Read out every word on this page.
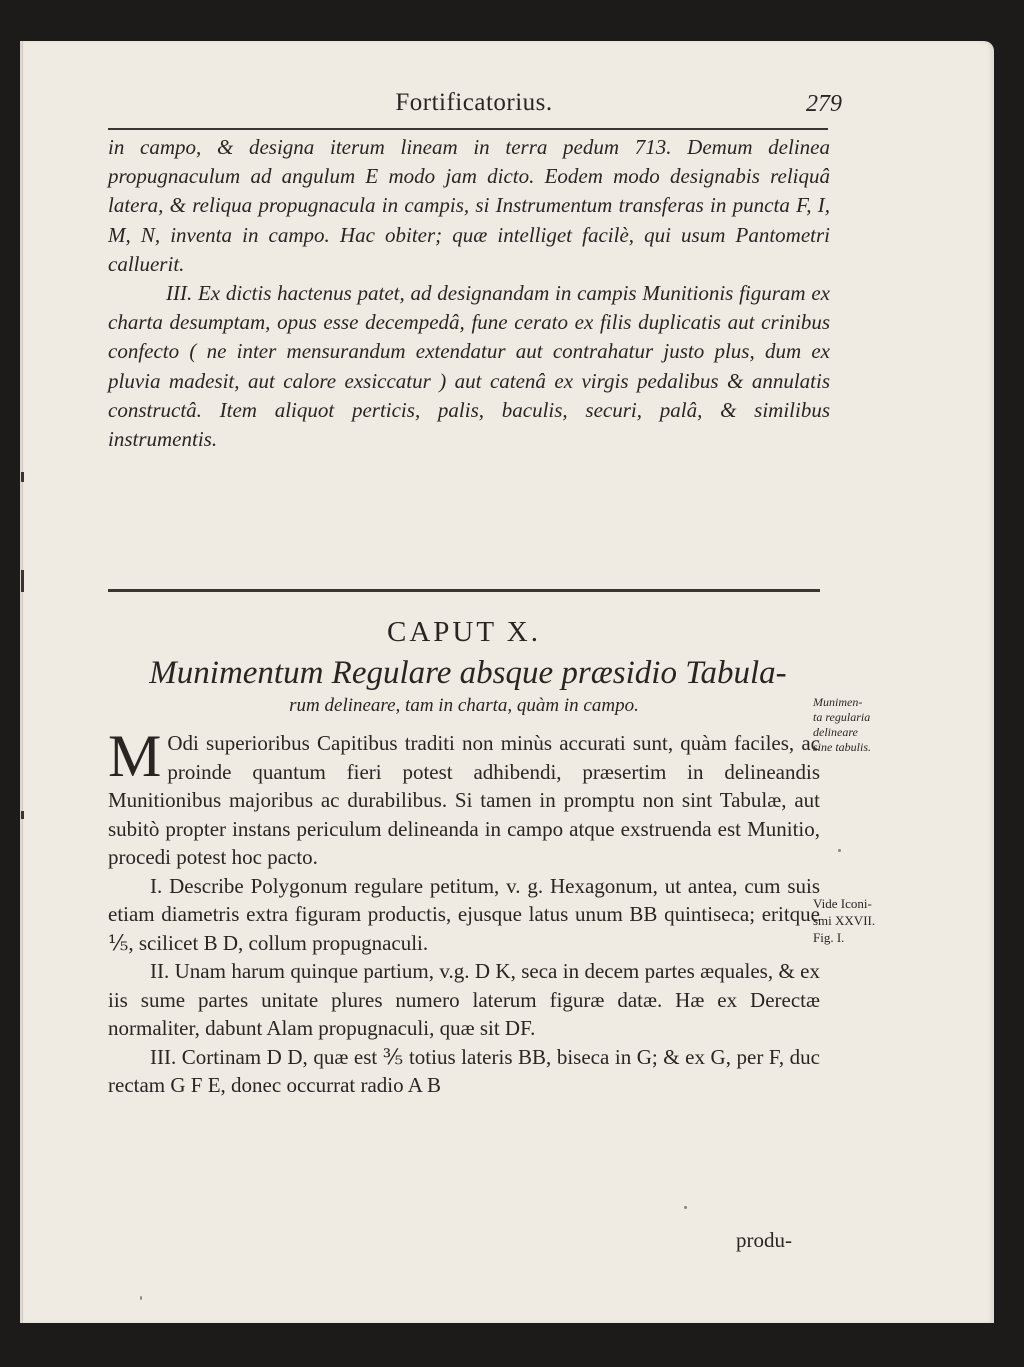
Fortificatorius.	279

in campo, & designa iterum lineam in terra pedum 713. Demum delinea propugnaculum ad angulum E modo jam dicto. Eodem modo designabis reliquâ latera, & reliqua propugnacula in campis, si Instrumentum transferas in puncta F, I, M, N, inventa in campo. Hac obiter; quæ intelliget facilè, qui usum Pantometri calluerit.

III. Ex dictis hactenus patet, ad designandam in campis Munitionis figuram ex charta desumptam, opus esse decempedâ, fune cerato ex filis duplicatis aut crinibus confecto ( ne inter mensurandum extendatur aut contrahatur justo plus, dum ex pluvia madesit, aut calore exsiccatur ) aut catenâ ex virgis pedalibus & annulatis constructâ. Item aliquot perticis, palis, baculis, securi, palâ, & similibus instrumentis.

CAPUT X.
Munimentum Regulare absque præsidio Tabula-
rum delineare, tam in charta, quàm in campo.

M Odi superioribus Capitibus traditi non minùs accurati sunt, quàm faciles, ac proinde quantum fieri potest adhibendi, præsertim in delineandis Munitionibus majoribus ac durabilibus. Si tamen in promptu non sint Tabulæ, aut subitò propter instans periculum delineanda in campo atque exstruenda est Munitio, procedi potest hoc pacto.

I. Describe Polygonum regulare petitum, v. g. Hexagonum, ut antea, cum suis etiam diametris extra figuram productis, ejusque latus unum BB quintiseca; eritque ⅕, scilicet B D, collum propugnaculi.

II. Unam harum quinque partium, v.g. D K, seca in decem partes æquales, & ex iis sume partes unitate plures numero laterum figuræ datæ. Hæ ex Derectæ normaliter, dabunt Alam propugnaculi, quæ sit DF.

III. Cortinam D D, quæ est ⅗ totius lateris BB, biseca in G; & ex G, per F, duc rectam G F E, donec occurrat radio A B

produ-
Munimen-
ta regularia
delineare
sine tabulis.
Vide Iconi-
smi XXVII.
Fig. I.
